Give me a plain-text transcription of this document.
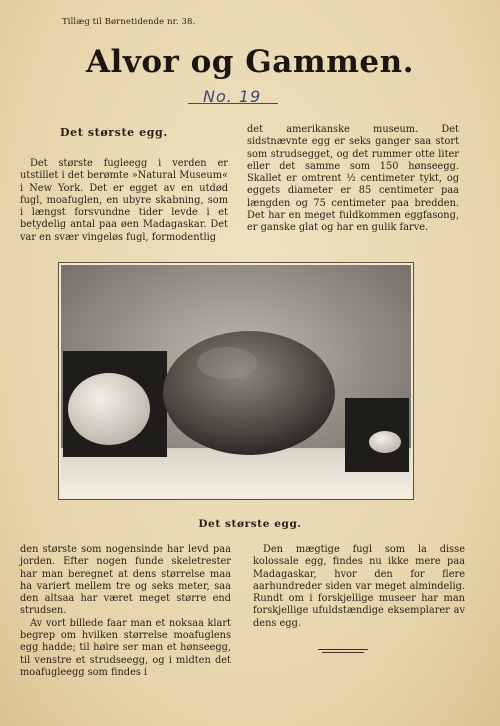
Tillæg til Børnetidende nr. 38.
Alvor og Gammen.
No. 19
Det største egg.

Det største fugleegg i verden er utstillet i det berømte »Natural Museum« i New York. Det er egget av en utdød fugl, moafuglen, en ubyre skabning, som i længst forsvundne tider levde i et betydelig antal paa øen Madagaskar. Det var en svær vingeløs fugl, formodentlig

det amerikanske museum. Det sidstnævnte egg er seks ganger saa stort som strudsegget, og det rummer otte liter eller det samme som 150 hønseegg. Skallet er omtrent ½ centimeter tykt, og eggets diameter er 85 centimeter paa længden og 75 centimeter paa bredden. Det har en meget fuldkommen eggfasong, er ganske glat og har en gulik farve.

Det største egg.

den største som nogensinde har levd paa jorden. Efter nogen funde skeletrester har man beregnet at dens størrelse maa ha variert mellem tre og seks meter, saa den altsaa har været meget større end strudsen.

Av vort billede faar man et noksaa klart begrep om hvilken størrelse moafuglens egg hadde; til høire ser man et hønseegg, til venstre et strudseegg, og i midten det moafugleegg som findes i

Den mægtige fugl som la disse kolossale egg, findes nu ikke mere paa Madagaskar, hvor den for flere aarhundreder siden var meget almindelig. Rundt om i forskjellige museer har man forskjellige ufuldstændige eksemplarer av dens egg.
